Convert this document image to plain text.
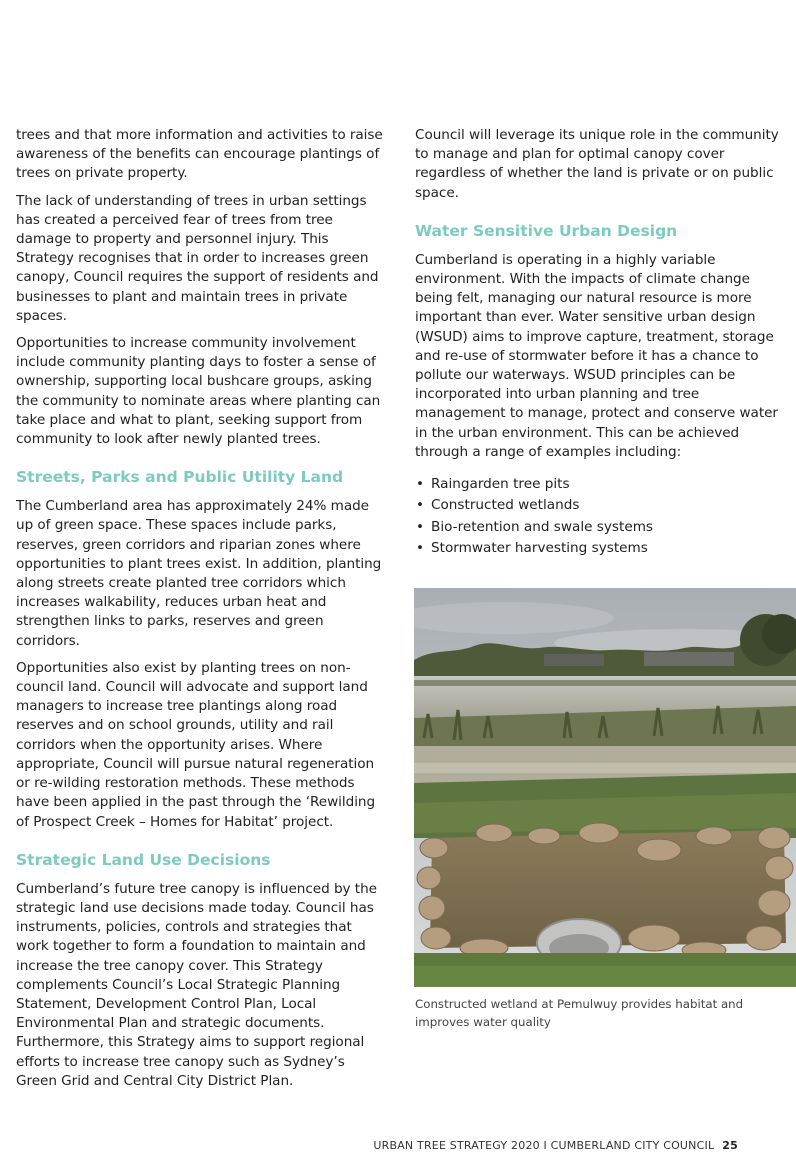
trees and that more information and activities to raise awareness of the benefits can encourage plantings of trees on private property.

The lack of understanding of trees in urban settings has created a perceived fear of trees from tree damage to property and personnel injury. This Strategy recognises that in order to increases green canopy, Council requires the support of residents and businesses to plant and maintain trees in private spaces.

Opportunities to increase community involvement include community planting days to foster a sense of ownership, supporting local bushcare groups, asking the community to nominate areas where planting can take place and what to plant, seeking support from community to look after newly planted trees.

Streets, Parks and Public Utility Land

The Cumberland area has approximately 24% made up of green space. These spaces include parks, reserves, green corridors and riparian zones where opportunities to plant trees exist. In addition, planting along streets create planted tree corridors which increases walkability, reduces urban heat and strengthen links to parks, reserves and green corridors.

Opportunities also exist by planting trees on non-council land. Council will advocate and support land managers to increase tree plantings along road reserves and on school grounds, utility and rail corridors when the opportunity arises. Where appropriate, Council will pursue natural regeneration or re-wilding restoration methods. These methods have been applied in the past through the ‘Rewilding of Prospect Creek – Homes for Habitat’ project.

Strategic Land Use Decisions

Cumberland’s future tree canopy is influenced by the strategic land use decisions made today. Council has instruments, policies, controls and strategies that work together to form a foundation to maintain and increase the tree canopy cover. This Strategy complements Council’s Local Strategic Planning Statement, Development Control Plan, Local Environmental Plan and strategic documents. Furthermore, this Strategy aims to support regional efforts to increase tree canopy such as Sydney’s Green Grid and Central City District Plan.

Council will leverage its unique role in the community to manage and plan for optimal canopy cover regardless of whether the land is private or on public space.

Water Sensitive Urban Design

Cumberland is operating in a highly variable environment. With the impacts of climate change being felt, managing our natural resource is more important than ever. Water sensitive urban design (WSUD) aims to improve capture, treatment, storage and re-use of stormwater before it has a chance to pollute our waterways. WSUD principles can be incorporated into urban planning and tree management to manage, protect and conserve water in the urban environment. This can be achieved through a range of examples including:

• Raingarden tree pits
• Constructed wetlands
• Bio-retention and swale systems
• Stormwater harvesting systems
Constructed wetland at Pemulwuy provides habitat and improves water quality
URBAN TREE STRATEGY 2020 I CUMBERLAND CITY COUNCIL 25
